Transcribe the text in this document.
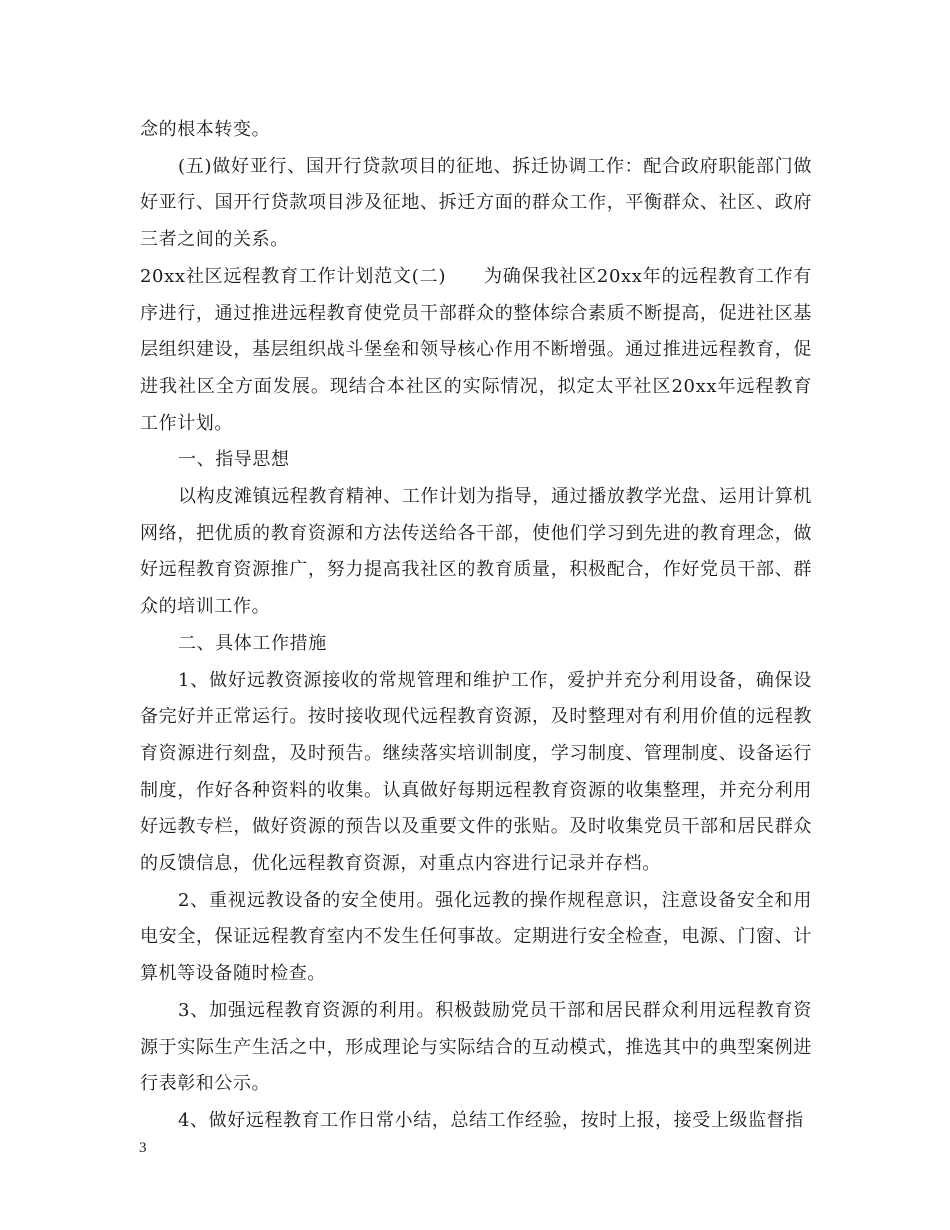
念的根本转变。

(五)做好亚行、国开行贷款项目的征地、拆迁协调工作：配合政府职能部门做好亚行、国开行贷款项目涉及征地、拆迁方面的群众工作，平衡群众、社区、政府三者之间的关系。

20xx社区远程教育工作计划范文(二)　　为确保我社区20xx年的远程教育工作有序进行，通过推进远程教育使党员干部群众的整体综合素质不断提高，促进社区基层组织建设，基层组织战斗堡垒和领导核心作用不断增强。通过推进远程教育，促进我社区全方面发展。现结合本社区的实际情况，拟定太平社区20xx年远程教育工作计划。

一、指导思想

以构皮滩镇远程教育精神、工作计划为指导，通过播放教学光盘、运用计算机网络，把优质的教育资源和方法传送给各干部，使他们学习到先进的教育理念，做好远程教育资源推广，努力提高我社区的教育质量，积极配合，作好党员干部、群众的培训工作。

二、具体工作措施

1、做好远教资源接收的常规管理和维护工作，爱护并充分利用设备，确保设备完好并正常运行。按时接收现代远程教育资源，及时整理对有利用价值的远程教育资源进行刻盘，及时预告。继续落实培训制度，学习制度、管理制度、设备运行制度，作好各种资料的收集。认真做好每期远程教育资源的收集整理，并充分利用好远教专栏，做好资源的预告以及重要文件的张贴。及时收集党员干部和居民群众的反馈信息，优化远程教育资源，对重点内容进行记录并存档。

2、重视远教设备的安全使用。强化远教的操作规程意识，注意设备安全和用电安全，保证远程教育室内不发生任何事故。定期进行安全检查，电源、门窗、计算机等设备随时检查。

3、加强远程教育资源的利用。积极鼓励党员干部和居民群众利用远程教育资源于实际生产生活之中，形成理论与实际结合的互动模式，推选其中的典型案例进行表彰和公示。

4、做好远程教育工作日常小结，总结工作经验，按时上报，接受上级监督指

3
